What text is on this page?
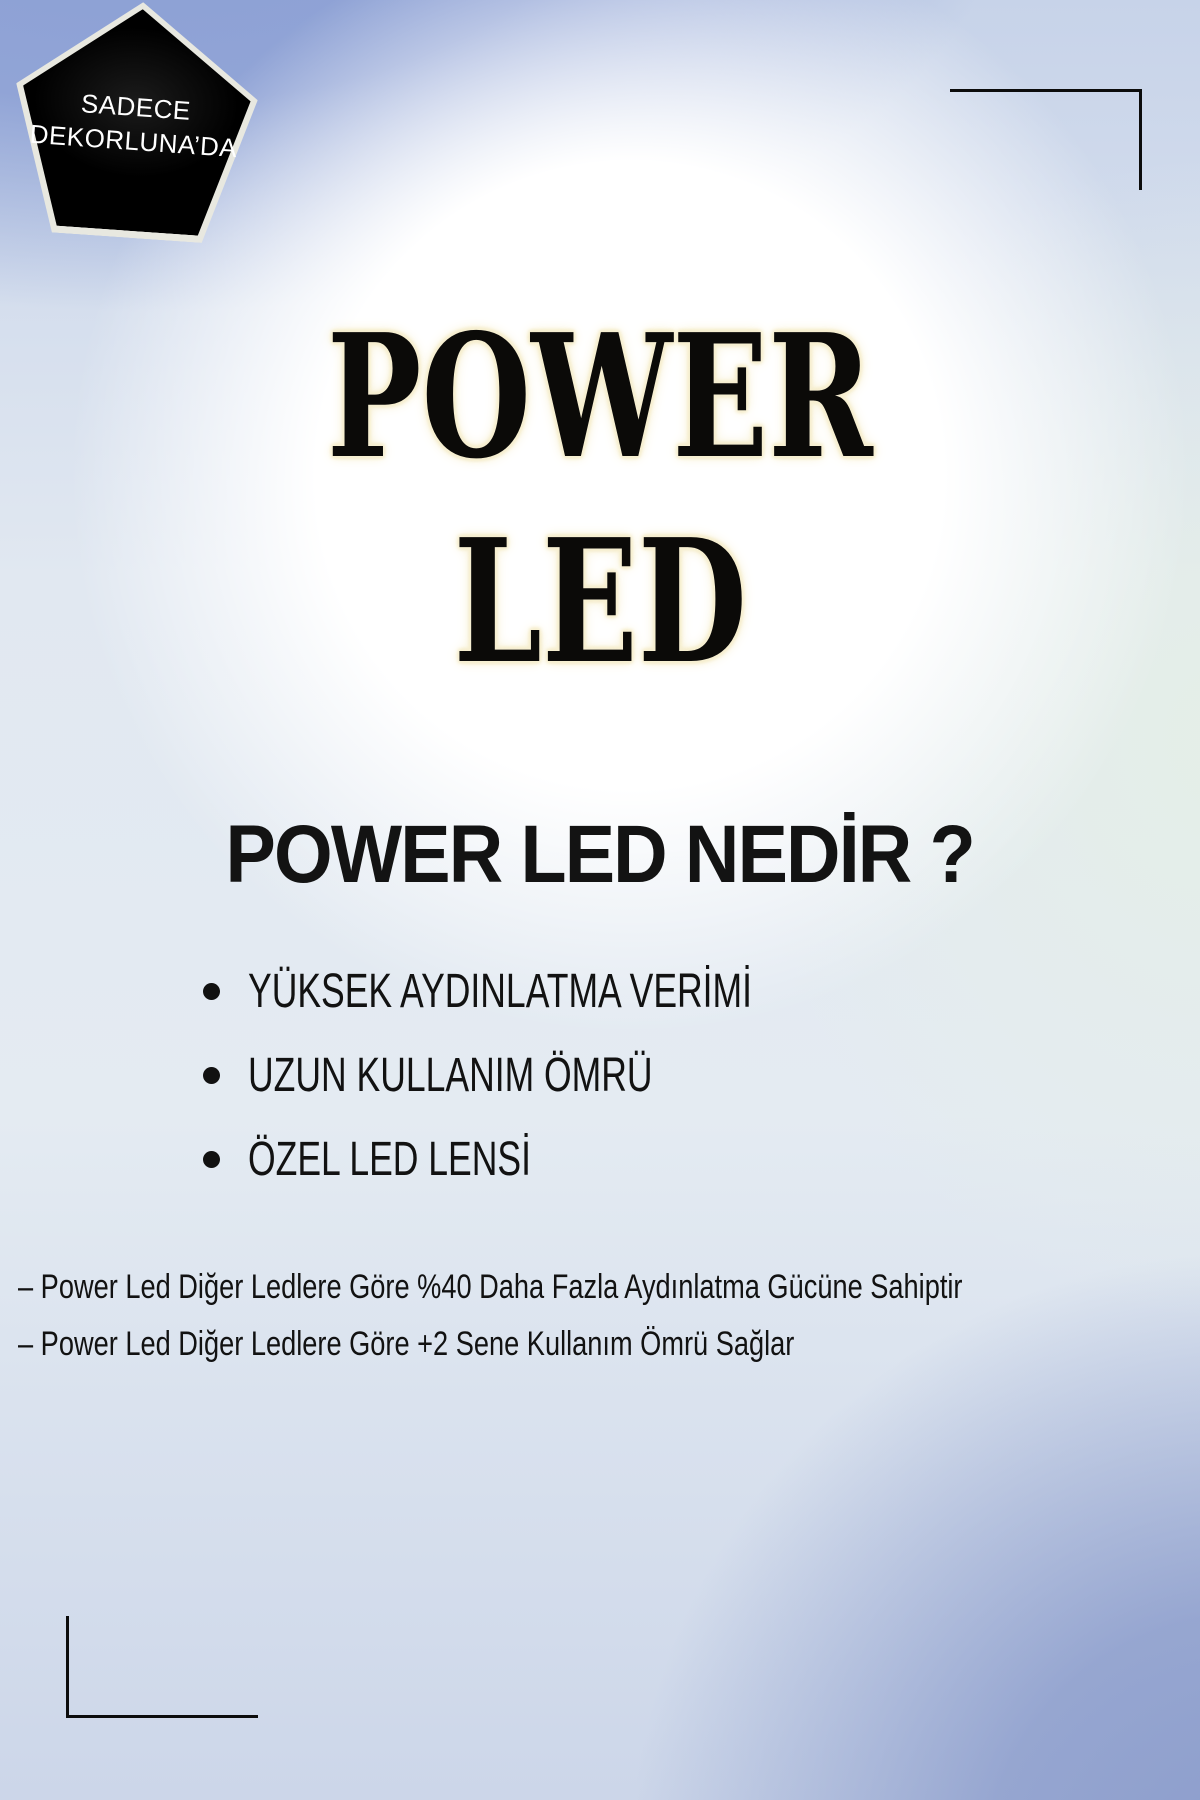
SADECE
DEKORLUNA’DA
POWER
LED
POWER LED NEDİR ?
YÜKSEK AYDINLATMA VERİMİ
UZUN KULLANIM ÖMRÜ
ÖZEL LED LENSİ
– Power Led Diğer Ledlere Göre %40 Daha Fazla Aydınlatma Gücüne Sahiptir
– Power Led Diğer Ledlere Göre +2 Sene Kullanım Ömrü Sağlar
